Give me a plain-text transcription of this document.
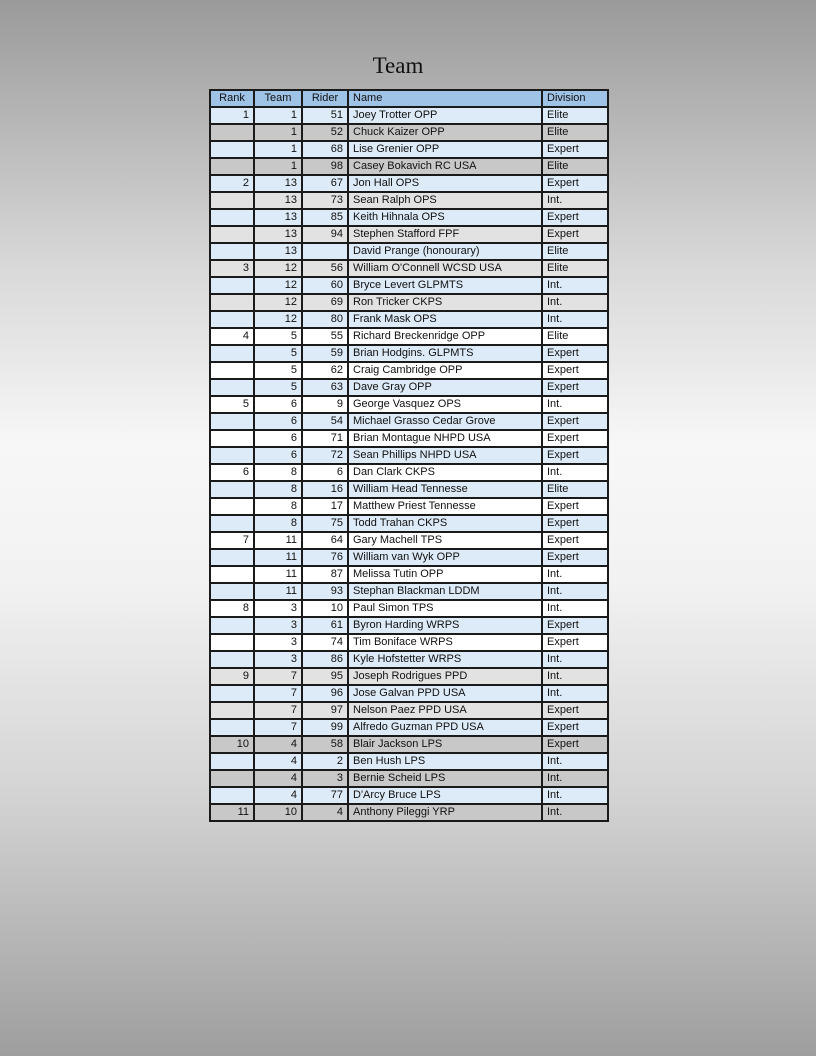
Team
Rank	Team	Rider	Name	Division
1	1	51	Joey Trotter OPP	Elite
	1	52	Chuck Kaizer OPP	Elite
	1	68	Lise Grenier OPP	Expert
	1	98	Casey Bokavich RC USA	Elite
2	13	67	Jon Hall OPS	Expert
	13	73	Sean Ralph OPS	Int.
	13	85	Keith Hihnala OPS	Expert
	13	94	Stephen Stafford FPF	Expert
	13		David Prange (honourary)	Elite
3	12	56	William O'Connell WCSD USA	Elite
	12	60	Bryce Levert GLPMTS	Int.
	12	69	Ron Tricker CKPS	Int.
	12	80	Frank Mask OPS	Int.
4	5	55	Richard Breckenridge OPP	Elite
	5	59	Brian Hodgins. GLPMTS	Expert
	5	62	Craig Cambridge OPP	Expert
	5	63	Dave Gray OPP	Expert
5	6	9	George Vasquez OPS	Int.
	6	54	Michael Grasso Cedar Grove	Expert
	6	71	Brian Montague NHPD USA	Expert
	6	72	Sean Phillips NHPD USA	Expert
6	8	6	Dan Clark CKPS	Int.
	8	16	William Head Tennesse	Elite
	8	17	Matthew Priest Tennesse	Expert
	8	75	Todd Trahan CKPS	Expert
7	11	64	Gary Machell TPS	Expert
	11	76	William van Wyk OPP	Expert
	11	87	Melissa Tutin OPP	Int.
	11	93	Stephan Blackman LDDM	Int.
8	3	10	Paul Simon TPS	Int.
	3	61	Byron Harding WRPS	Expert
	3	74	Tim Boniface WRPS	Expert
	3	86	Kyle Hofstetter WRPS	Int.
9	7	95	Joseph Rodrigues PPD	Int.
	7	96	Jose Galvan PPD USA	Int.
	7	97	Nelson Paez PPD USA	Expert
	7	99	Alfredo Guzman PPD USA	Expert
10	4	58	Blair Jackson LPS	Expert
	4	2	Ben Hush LPS	Int.
	4	3	Bernie Scheid LPS	Int.
	4	77	D'Arcy Bruce LPS	Int.
11	10	4	Anthony Pileggi YRP	Int.
